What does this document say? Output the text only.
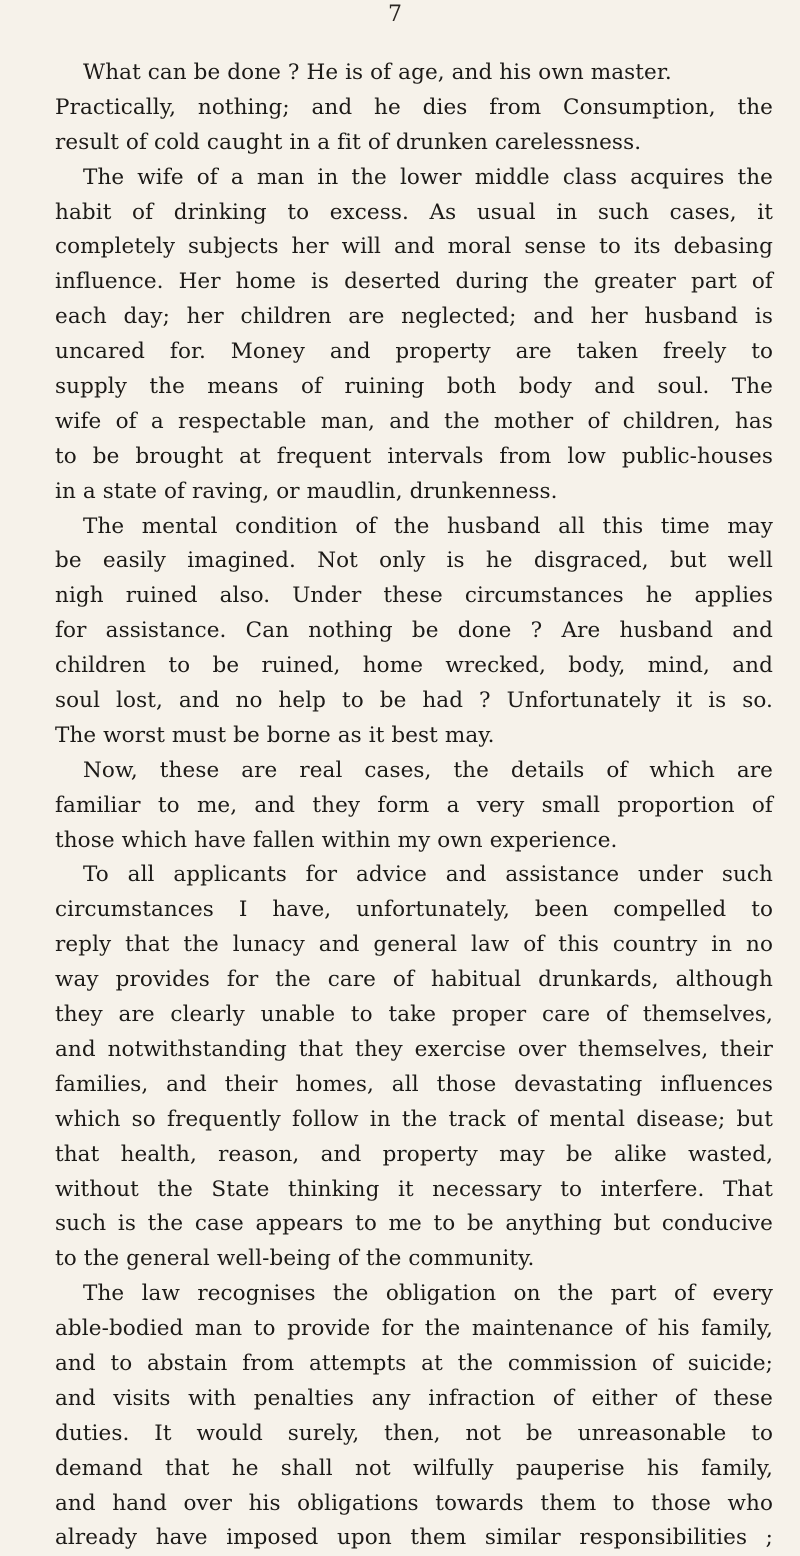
7
What can be done ? He is of age, and his own master.
Practically, nothing; and he dies from Consumption, the
result of cold caught in a fit of drunken carelessness.
The wife of a man in the lower middle class acquires the
habit of drinking to excess. As usual in such cases, it
completely subjects her will and moral sense to its debasing
influence. Her home is deserted during the greater part of
each day; her children are neglected; and her husband is
uncared for. Money and property are taken freely to
supply the means of ruining both body and soul. The
wife of a respectable man, and the mother of children, has
to be brought at frequent intervals from low public-houses
in a state of raving, or maudlin, drunkenness.
The mental condition of the husband all this time may
be easily imagined. Not only is he disgraced, but well
nigh ruined also. Under these circumstances he applies
for assistance. Can nothing be done ? Are husband and
children to be ruined, home wrecked, body, mind, and
soul lost, and no help to be had ? Unfortunately it is so.
The worst must be borne as it best may.
Now, these are real cases, the details of which are
familiar to me, and they form a very small proportion of
those which have fallen within my own experience.
To all applicants for advice and assistance under such
circumstances I have, unfortunately, been compelled to
reply that the lunacy and general law of this country in no
way provides for the care of habitual drunkards, although
they are clearly unable to take proper care of themselves,
and notwithstanding that they exercise over themselves, their
families, and their homes, all those devastating influences
which so frequently follow in the track of mental disease; but
that health, reason, and property may be alike wasted,
without the State thinking it necessary to interfere. That
such is the case appears to me to be anything but conducive
to the general well-being of the community.
The law recognises the obligation on the part of every
able-bodied man to provide for the maintenance of his family,
and to abstain from attempts at the commission of suicide;
and visits with penalties any infraction of either of these
duties. It would surely, then, not be unreasonable to
demand that he shall not wilfully pauperise his family,
and hand over his obligations towards them to those who
already have imposed upon them similar responsibilities ;
